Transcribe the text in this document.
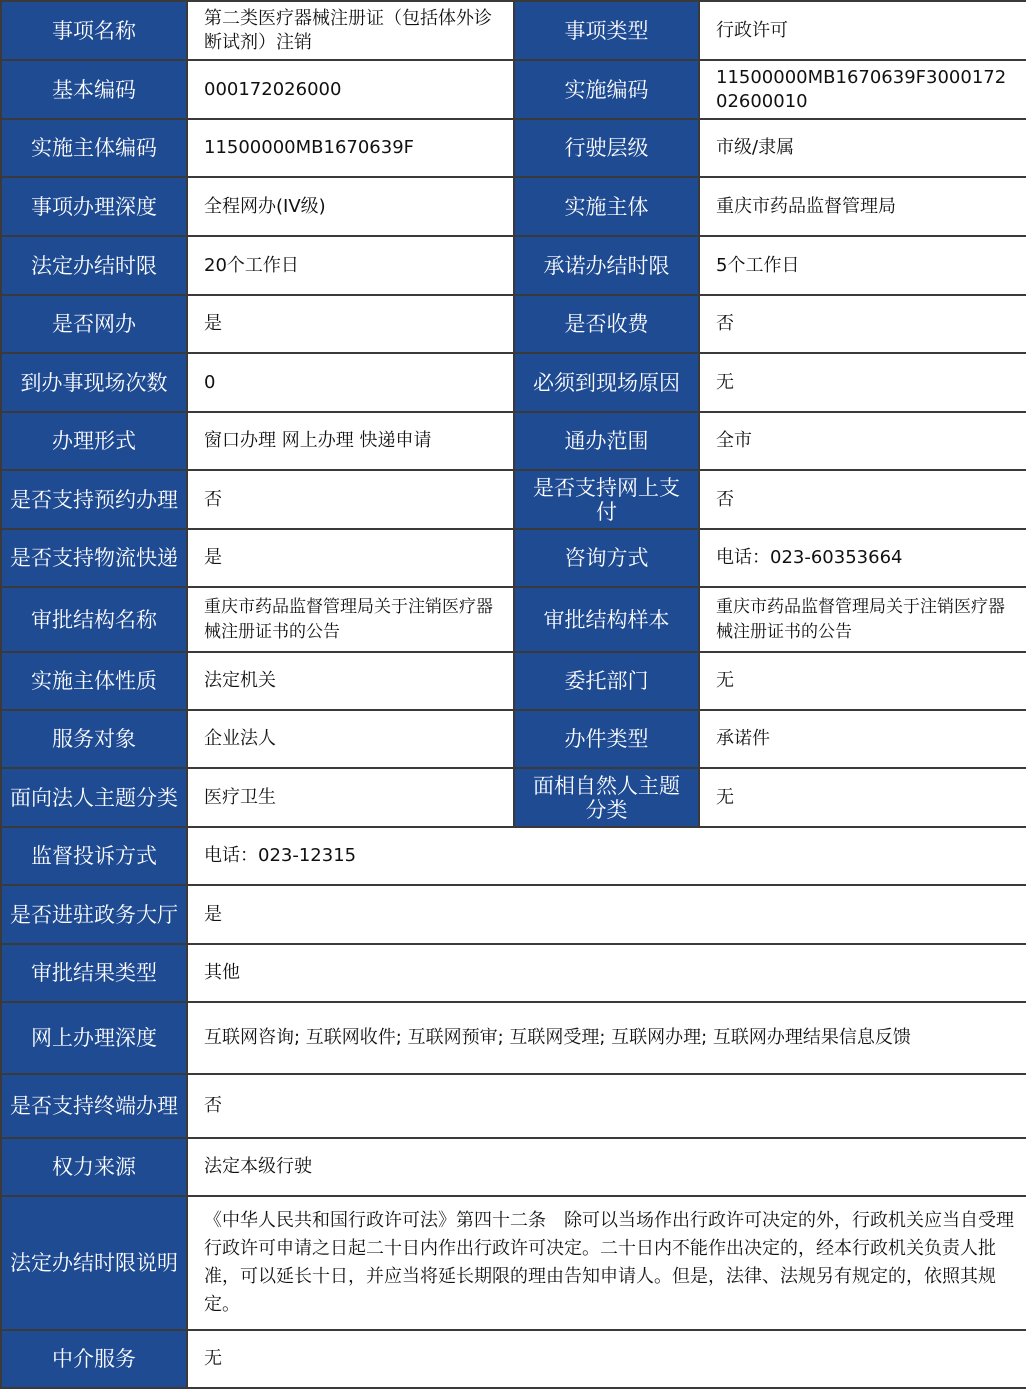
事项名称	第二类医疗器械注册证（包括体外诊断试剂）注销	事项类型	行政许可
基本编码	000172026000	实施编码	11500000MB1670639F300017202600010
实施主体编码	11500000MB1670639F	行驶层级	市级/隶属
事项办理深度	全程网办(IV级)	实施主体	重庆市药品监督管理局
法定办结时限	20个工作日	承诺办结时限	5个工作日
是否网办	是	是否收费	否
到办事现场次数	0	必须到现场原因	无
办理形式	窗口办理 网上办理 快递申请	通办范围	全市
是否支持预约办理	否	是否支持网上支付	否
是否支持物流快递	是	咨询方式	电话：023-60353664
审批结构名称	重庆市药品监督管理局关于注销医疗器械注册证书的公告	审批结构样本	重庆市药品监督管理局关于注销医疗器械注册证书的公告
实施主体性质	法定机关	委托部门	无
服务对象	企业法人	办件类型	承诺件
面向法人主题分类	医疗卫生	面相自然人主题分类	无
监督投诉方式	电话：023-12315		
是否进驻政务大厅	是		
审批结果类型	其他		
网上办理深度	互联网咨询; 互联网收件; 互联网预审; 互联网受理; 互联网办理; 互联网办理结果信息反馈		
是否支持终端办理	否		
权力来源	法定本级行驶		
法定办结时限说明	《中华人民共和国行政许可法》第四十二条　除可以当场作出行政许可决定的外，行政机关应当自受理行政许可申请之日起二十日内作出行政许可决定。二十日内不能作出决定的，经本行政机关负责人批准，可以延长十日，并应当将延长期限的理由告知申请人。但是，法律、法规另有规定的，依照其规定。		
中介服务	无		
